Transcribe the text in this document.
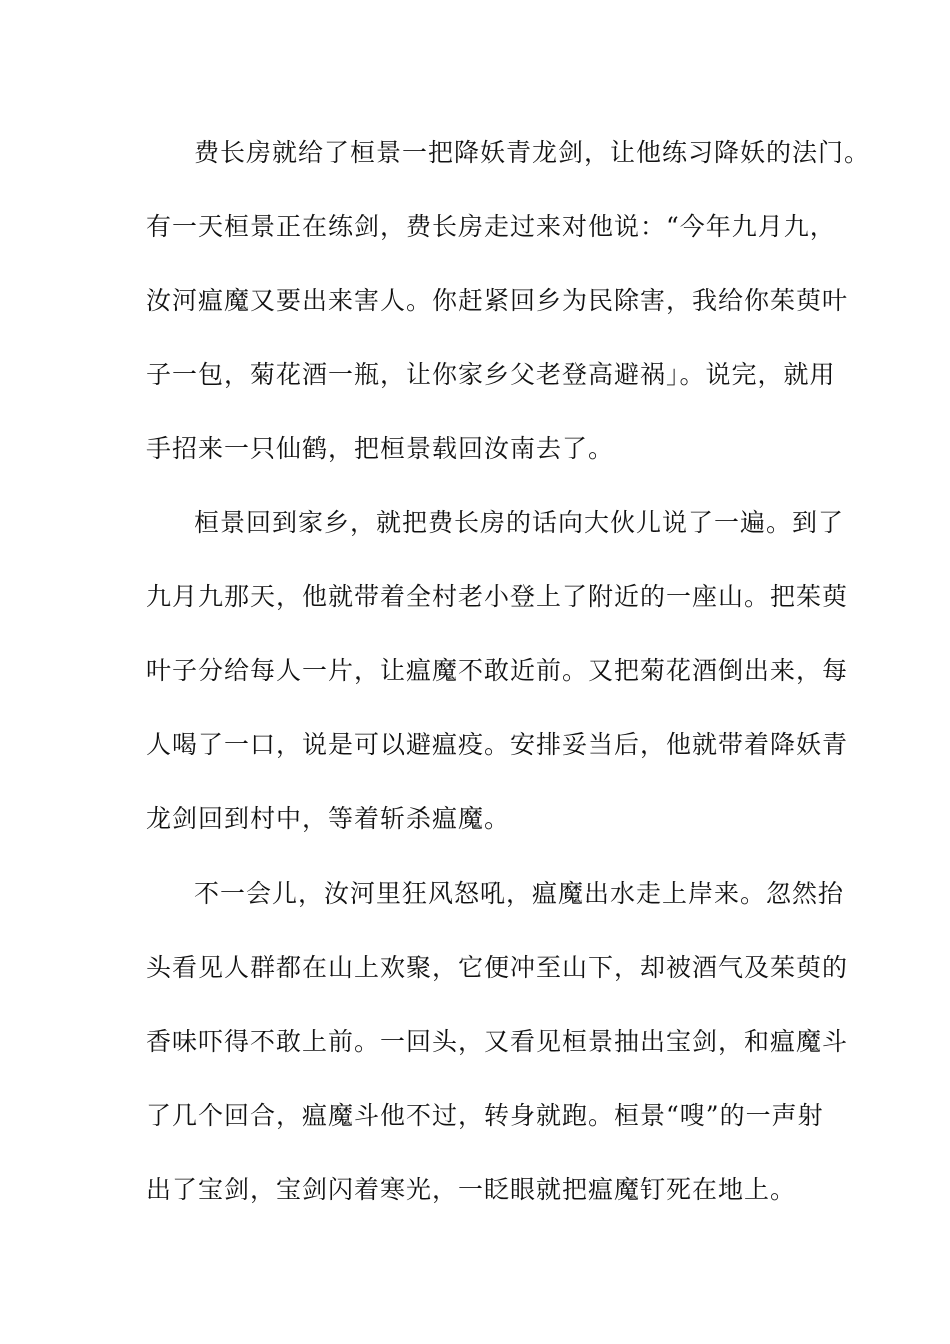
费长房就给了桓景一把降妖青龙剑，让他练习降妖的法门。
有一天桓景正在练剑，费长房走过来对他说：“今年九月九，
汝河瘟魔又要出来害人。你赶紧回乡为民除害，我给你茱萸叶
子一包，菊花酒一瓶，让你家乡父老登高避祸」。说完，就用
手招来一只仙鹤，把桓景载回汝南去了。
桓景回到家乡，就把费长房的话向大伙儿说了一遍。到了
九月九那天，他就带着全村老小登上了附近的一座山。把茱萸
叶子分给每人一片，让瘟魔不敢近前。又把菊花酒倒出来，每
人喝了一口，说是可以避瘟疫。安排妥当后，他就带着降妖青
龙剑回到村中，等着斩杀瘟魔。
不一会儿，汝河里狂风怒吼，瘟魔出水走上岸来。忽然抬
头看见人群都在山上欢聚，它便冲至山下，却被酒气及茱萸的
香味吓得不敢上前。一回头，又看见桓景抽出宝剑，和瘟魔斗
了几个回合，瘟魔斗他不过，转身就跑。桓景“嗖”的一声射
出了宝剑，宝剑闪着寒光，一眨眼就把瘟魔钉死在地上。
